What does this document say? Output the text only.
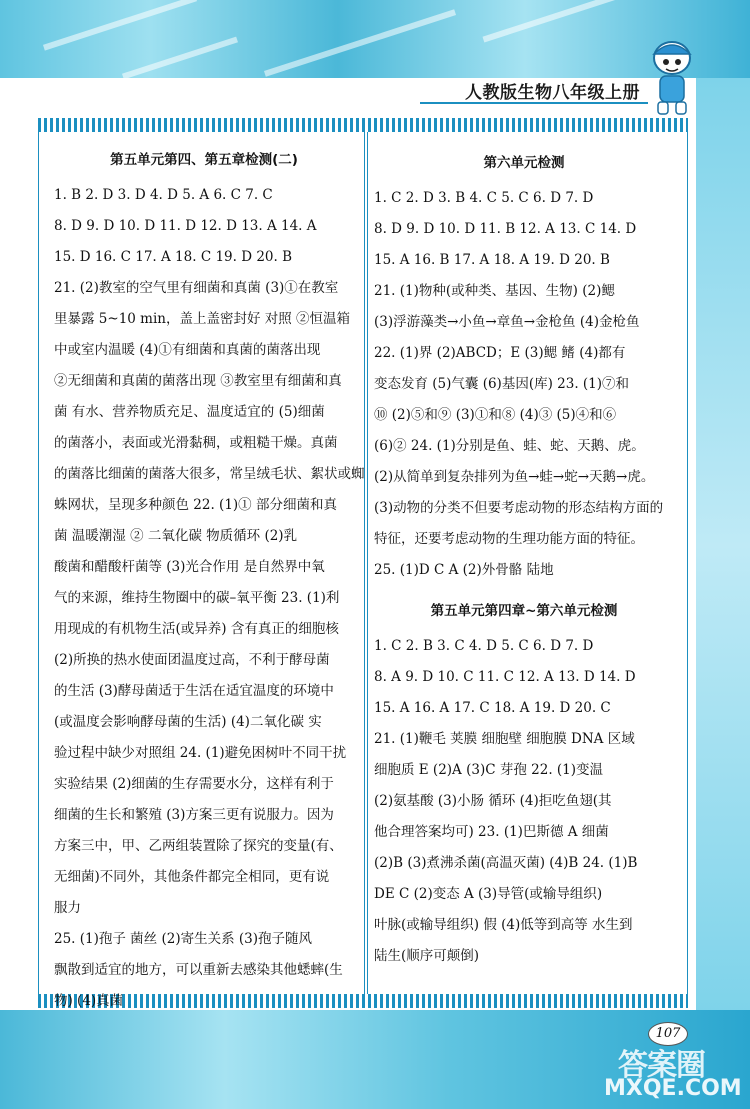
人教版生物八年级上册
第五单元第四、第五章检测(二)
1. B 2. D 3. D 4. D 5. A 6. C 7. C
8. D 9. D 10. D 11. D 12. D 13. A 14. A
15. D 16. C 17. A 18. C 19. D 20. B
21. (2)教室的空气里有细菌和真菌 (3)①在教室
里暴露 5~10 min，盖上盖密封好 对照 ②恒温箱
中或室内温暖 (4)①有细菌和真菌的菌落出现
②无细菌和真菌的菌落出现 ③教室里有细菌和真
菌 有水、营养物质充足、温度适宜的 (5)细菌
的菌落小，表面或光滑黏稠，或粗糙干燥。真菌
的菌落比细菌的菌落大很多，常呈绒毛状、絮状或蜘
蛛网状，呈现多种颜色 22. (1)① 部分细菌和真
菌 温暖潮湿 ② 二氧化碳 物质循环 (2)乳
酸菌和醋酸杆菌等 (3)光合作用 是自然界中氧
气的来源，维持生物圈中的碳–氧平衡 23. (1)利
用现成的有机物生活(或异养) 含有真正的细胞核
(2)所换的热水使面团温度过高，不利于酵母菌
的生活 (3)酵母菌适于生活在适宜温度的环境中
(或温度会影响酵母菌的生活) (4)二氧化碳 实
验过程中缺少对照组 24. (1)避免困树叶不同干扰
实验结果 (2)细菌的生存需要水分，这样有利于
细菌的生长和繁殖 (3)方案三更有说服力。因为
方案三中，甲、乙两组装置除了探究的变量(有、
无细菌)不同外，其他条件都完全相同，更有说
服力
25. (1)孢子 菌丝 (2)寄生关系 (3)孢子随风
飘散到适宜的地方，可以重新去感染其他蟋蟀(生
物) (4)真菌
第六单元检测
1. C 2. D 3. B 4. C 5. C 6. D 7. D
8. D 9. D 10. D 11. B 12. A 13. C 14. D
15. A 16. B 17. A 18. A 19. D 20. B
21. (1)物种(或种类、基因、生物) (2)鳃
(3)浮游藻类→小鱼→章鱼→金枪鱼 (4)金枪鱼
22. (1)界 (2)ABCD；E (3)鳃 鳍 (4)都有
变态发育 (5)气囊 (6)基因(库) 23. (1)⑦和
⑩ (2)⑤和⑨ (3)①和⑧ (4)③ (5)④和⑥
(6)② 24. (1)分别是鱼、蛙、蛇、天鹅、虎。
(2)从简单到复杂排列为鱼→蛙→蛇→天鹅→虎。
(3)动物的分类不但要考虑动物的形态结构方面的
特征，还要考虑动物的生理功能方面的特征。
25. (1)D C A (2)外骨骼 陆地
第五单元第四章~第六单元检测
1. C 2. B 3. C 4. D 5. C 6. D 7. D
8. A 9. D 10. C 11. C 12. A 13. D 14. D
15. A 16. A 17. C 18. A 19. D 20. C
21. (1)鞭毛 荚膜 细胞壁 细胞膜 DNA 区域
细胞质 E (2)A (3)C 芽孢 22. (1)变温
(2)氨基酸 (3)小肠 循环 (4)拒吃鱼翅(其
他合理答案均可) 23. (1)巴斯德 A 细菌
(2)B (3)煮沸杀菌(高温灭菌) (4)B 24. (1)B
DE C (2)变态 A (3)导管(或输导组织)
叶脉(或输导组织) 假 (4)低等到高等 水生到
陆生(顺序可颠倒)
107
答案圈
MXQE.COM
